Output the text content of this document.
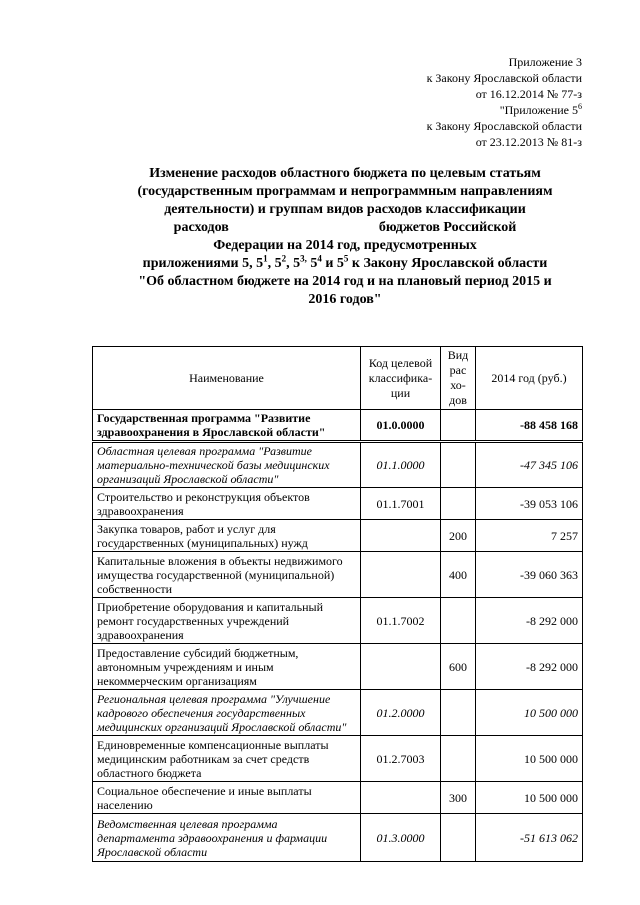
Приложение 3
к Закону Ярославской области
от 16.12.2014 № 77-з
"Приложение $5^6$
к Закону Ярославской области
от 23.12.2013 № 81-з
Изменение расходов областного бюджета по целевым статьям
(государственным программам и непрограммным направлениям
деятельности) и группам видов расходов классификации
расходов	бюджетов Российской
Федерации на 2014 год, предусмотренных
приложениями 5, $5^1$, $5^2$, $5^{3,}$ $5^4$ и $5^5$ к Закону Ярославской области
"Об областном бюджете на 2014 год и на плановый период 2015 и
2016 годов"
Наименование	Код целевой классифика-ции	Вид рас хо-дов	2014 год (руб.)
Государственная программа "Развитие здравоохранения в Ярославской области"	01.0.0000		-88 458 168
Областная целевая программа "Развитие материально-технической базы медицинских организаций Ярославской области"	01.1.0000		-47 345 106
Строительство и реконструкция объектов здравоохранения	01.1.7001		-39 053 106
Закупка товаров, работ и услуг для государственных (муниципальных) нужд		200	7 257
Капитальные вложения в объекты недвижимого имущества государственной (муниципальной) собственности		400	-39 060 363
Приобретение оборудования и капитальный ремонт государственных учреждений здравоохранения	01.1.7002		-8 292 000
Предоставление субсидий бюджетным, автономным учреждениям и иным некоммерческим организациям		600	-8 292 000
Региональная целевая программа "Улучшение кадрового обеспечения государственных медицинских организаций Ярославской области"	01.2.0000		10 500 000
Единовременные компенсационные выплаты медицинским работникам за счет средств областного бюджета	01.2.7003		10 500 000
Социальное обеспечение и иные выплаты населению		300	10 500 000
Ведомственная целевая программа департамента здравоохранения и фармации Ярославской области	01.3.0000		-51 613 062
